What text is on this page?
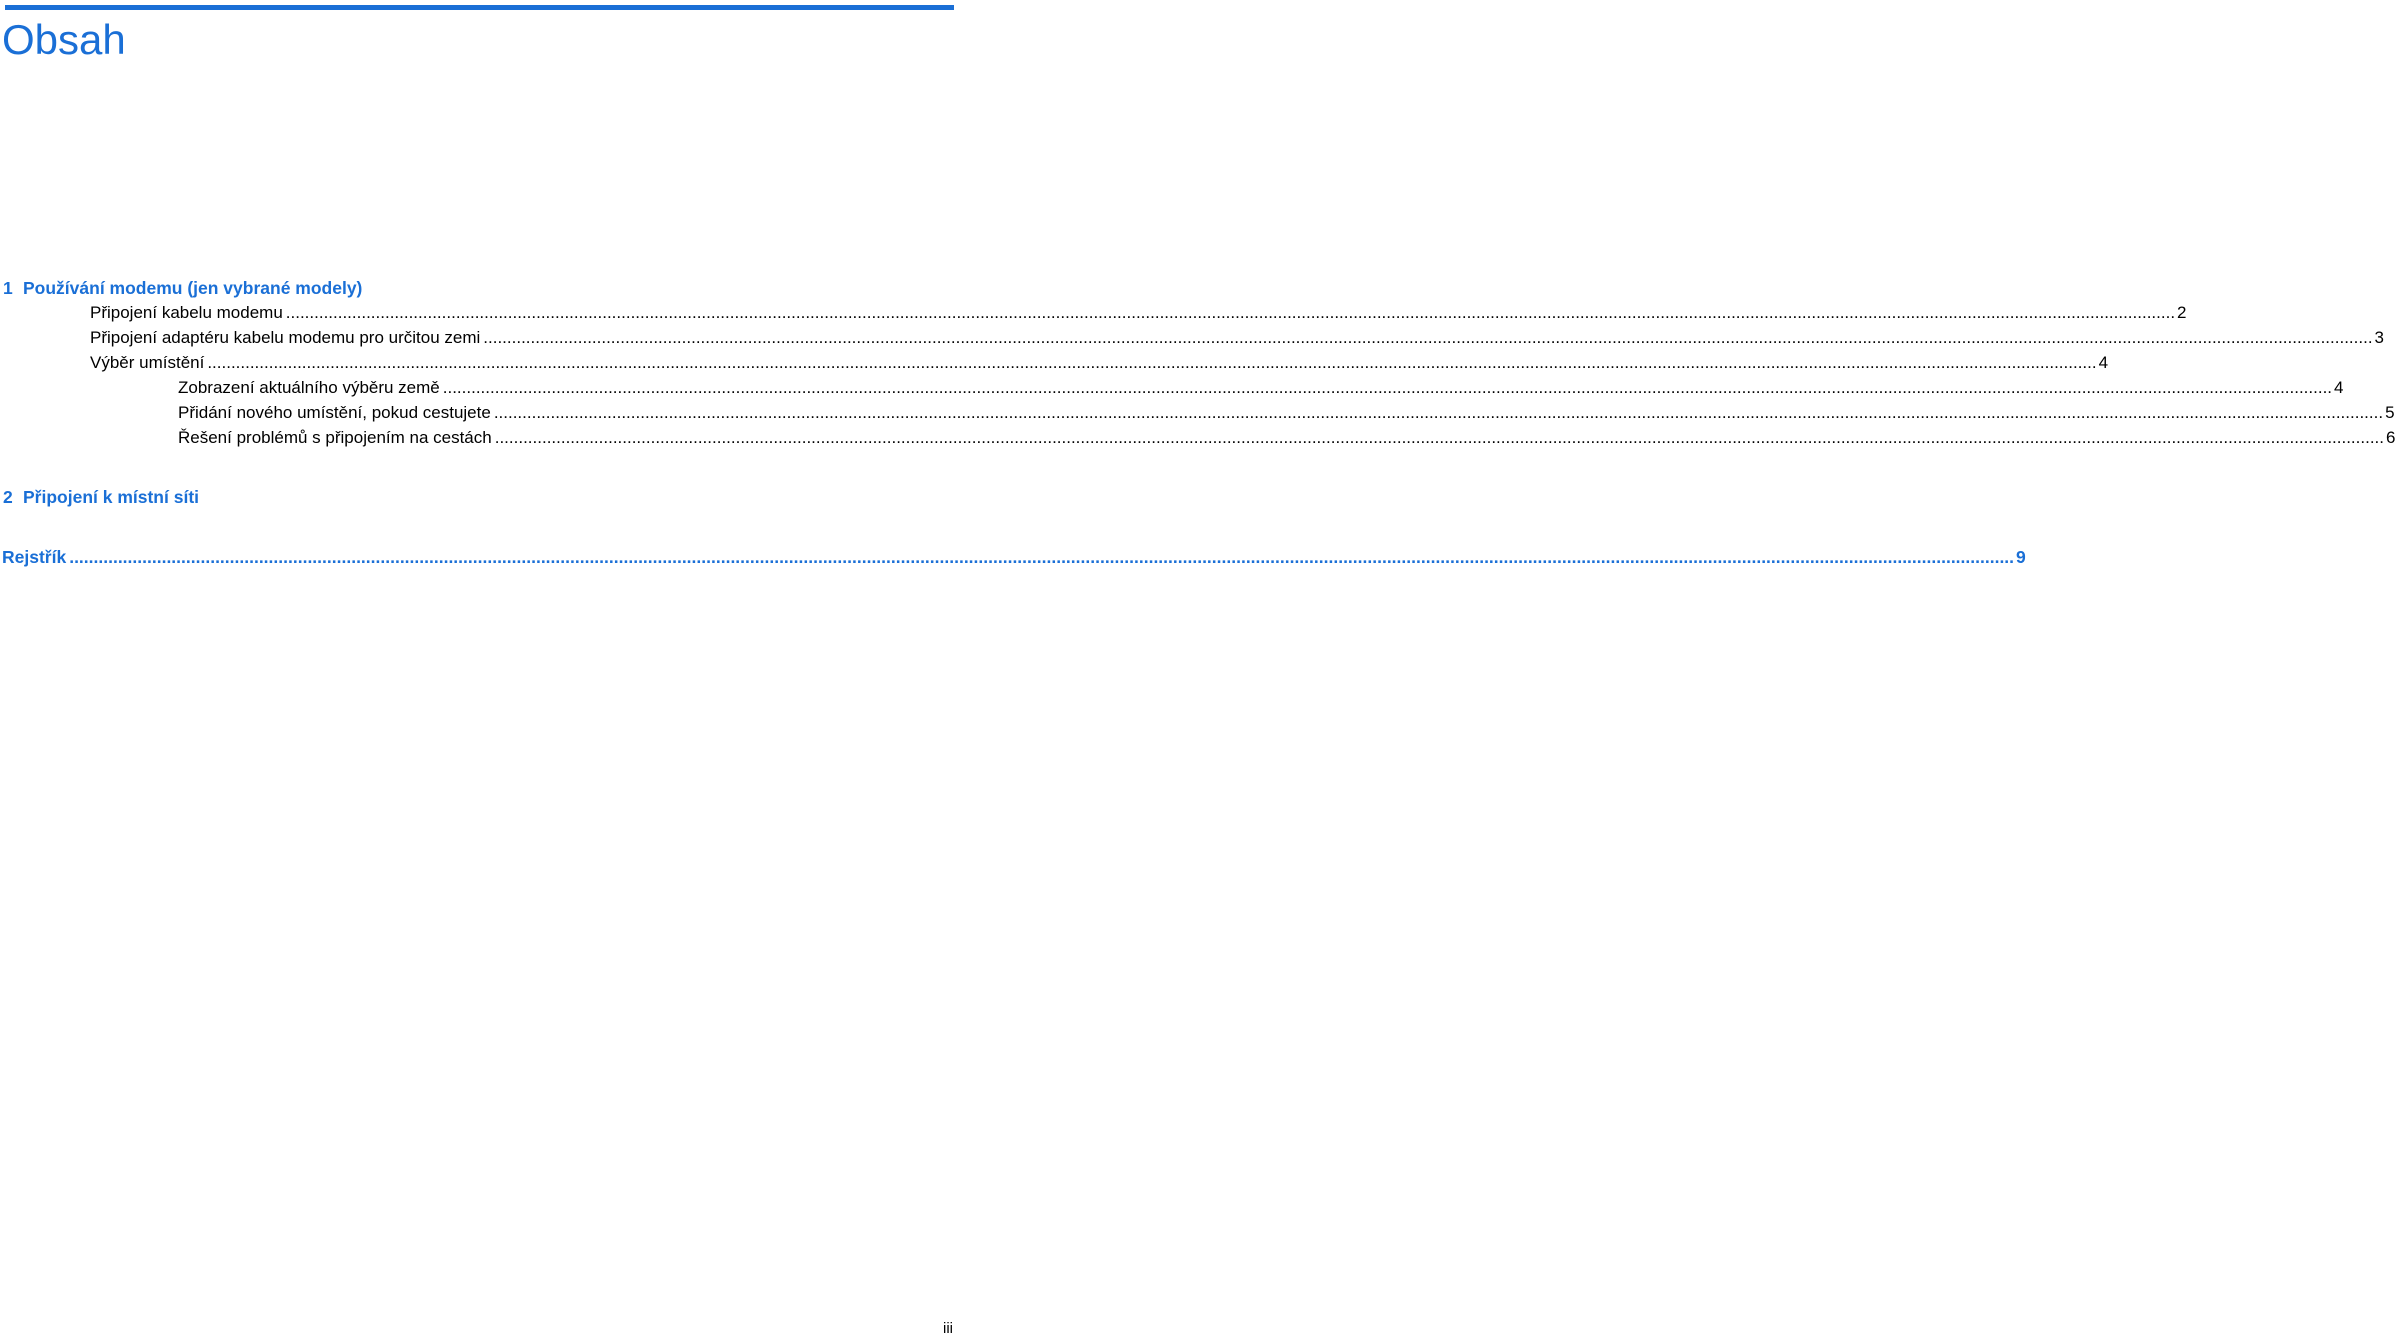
Obsah
1 Používání modemu (jen vybrané modely)
Připojení kabelu modemu ................................................................................................................................................................................................................................................................................................................................................................................................................ 2
Připojení adaptéru kabelu modemu pro určitou zemi ................................................................................................................................................................................................................................................................................................................................................................................................................ 3
Výběr umístění ................................................................................................................................................................................................................................................................................................................................................................................................................ 4
Zobrazení aktuálního výběru země ................................................................................................................................................................................................................................................................................................................................................................................................................ 4
Přidání nového umístění, pokud cestujete ................................................................................................................................................................................................................................................................................................................................................................................................................ 5
Řešení problémů s připojením na cestách ................................................................................................................................................................................................................................................................................................................................................................................................................ 6
2 Připojení k místní síti
Rejstřík ................................................................................................................................................................................................................................................................................................................................................................................................................ 9
iii
